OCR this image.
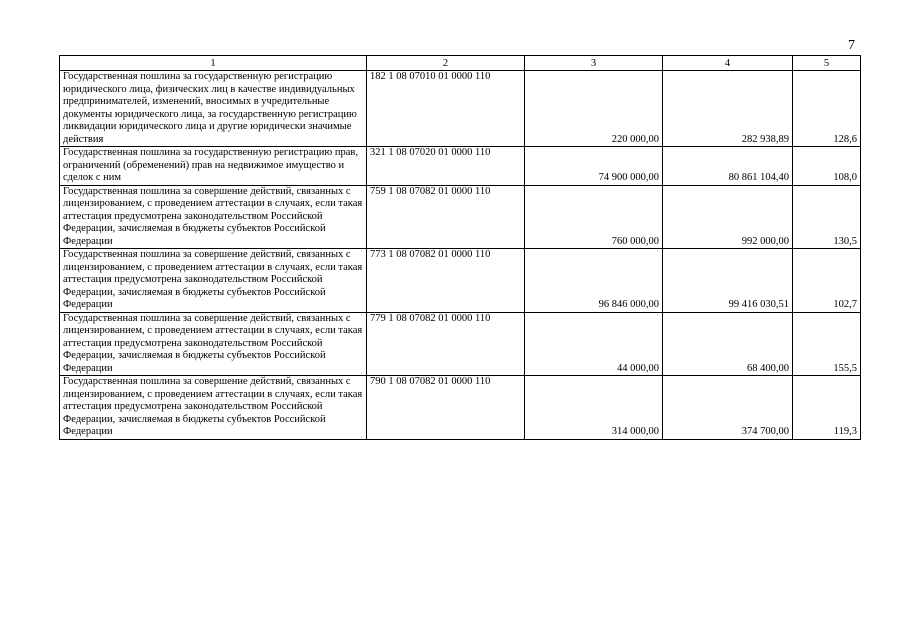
7
1	2	3	4	5
Государственная пошлина за государственную регистрацию юридического лица, физических лиц в качестве индивидуальных предпринимателей, изменений, вносимых в учредительные документы юридического лица, за государственную регистрацию ликвидации юридического лица и другие юридически значимые действия	182 1 08 07010 01 0000 110	220 000,00	282 938,89	128,6
Государственная пошлина за государственную регистрацию прав, ограничений (обременений) прав на недвижимое имущество и сделок с ним	321 1 08 07020 01 0000 110	74 900 000,00	80 861 104,40	108,0
Государственная пошлина за совершение действий, связанных с лицензированием, с проведением аттестации в случаях, если такая аттестация предусмотрена законодательством Российской Федерации, зачисляемая в бюджеты субъектов Российской Федерации	759 1 08 07082 01 0000 110	760 000,00	992 000,00	130,5
Государственная пошлина за совершение действий, связанных с лицензированием, с проведением аттестации в случаях, если такая аттестация предусмотрена законодательством Российской Федерации, зачисляемая в бюджеты субъектов Российской Федерации	773 1 08 07082 01 0000 110	96 846 000,00	99 416 030,51	102,7
Государственная пошлина за совершение действий, связанных с лицензированием, с проведением аттестации в случаях, если такая аттестация предусмотрена законодательством Российской Федерации, зачисляемая в бюджеты субъектов Российской Федерации	779 1 08 07082 01 0000 110	44 000,00	68 400,00	155,5
Государственная пошлина за совершение действий, связанных с лицензированием, с проведением аттестации в случаях, если такая аттестация предусмотрена законодательством Российской Федерации, зачисляемая в бюджеты субъектов Российской Федерации	790 1 08 07082 01 0000 110	314 000,00	374 700,00	119,3
